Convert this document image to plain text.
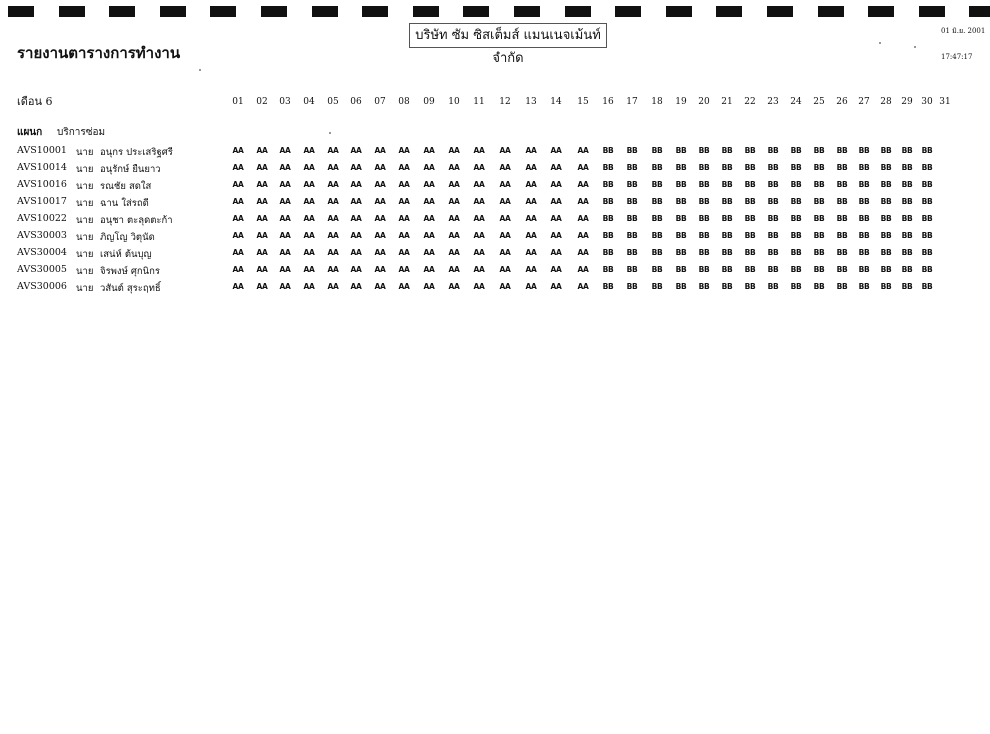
บริษัท ซัม ซิสเต็มส์ แมนเนจเม้นท์ จำกัด
รายงานตารางการทำงาน
01 มิ.ย. 2001
17:47:17
เดือน 6
แผนก บริการซ่อม
01	02	03	04	05	06	07	08	09	10	11	12	13	14	15	16	17	18	19	20	21	22	23	24	25	26	27	28	29 30 31
AVS10001 นาย อนุกร ประเสริฐศรี	AA	AA	AA	AA	AA	AA	AA	AA	AA	AA	AA	AA	AA	AA	AA	BB	BB	BB	BB	BB	BB	BB	BB	BB	BB	BB	BB	BB	BB	BB
AVS10014 นาย อนุรักษ์ ยืนยาว	AA	AA	AA	AA	AA	AA	AA	AA	AA	AA	AA	AA	AA	AA	AA	BB	BB	BB	BB	BB	BB	BB	BB	BB	BB	BB	BB	BB	BB	BB
AVS10016 นาย รณชัย สดใส	AA	AA	AA	AA	AA	AA	AA	AA	AA	AA	AA	AA	AA	AA	AA	BB	BB	BB	BB	BB	BB	BB	BB	BB	BB	BB	BB	BB	BB	BB
AVS10017 นาย ฉาน ใส่รถดี	AA	AA	AA	AA	AA	AA	AA	AA	AA	AA	AA	AA	AA	AA	AA	BB	BB	BB	BB	BB	BB	BB	BB	BB	BB	BB	BB	BB	BB	BB
AVS10022 นาย อนุชา ตะลุดตะก้า	AA	AA	AA	AA	AA	AA	AA	AA	AA	AA	AA	AA	AA	AA	AA	BB	BB	BB	BB	BB	BB	BB	BB	BB	BB	BB	BB	BB	BB	BB
AVS30003 นาย ภิญโญ วิตุนัด	AA	AA	AA	AA	AA	AA	AA	AA	AA	AA	AA	AA	AA	AA	AA	BB	BB	BB	BB	BB	BB	BB	BB	BB	BB	BB	BB	BB	BB	BB
AVS30004 นาย เสน่ห์ ต้นบุญ	AA	AA	AA	AA	AA	AA	AA	AA	AA	AA	AA	AA	AA	AA	AA	BB	BB	BB	BB	BB	BB	BB	BB	BB	BB	BB	BB	BB	BB	BB
AVS30005 นาย จิรพงษ์ ศุกนิกร	AA	AA	AA	AA	AA	AA	AA	AA	AA	AA	AA	AA	AA	AA	AA	BB	BB	BB	BB	BB	BB	BB	BB	BB	BB	BB	BB	BB	BB	BB
AVS30006 นาย วสันต์ สุระฤทธิ์	AA	AA	AA	AA	AA	AA	AA	AA	AA	AA	AA	AA	AA	AA	AA	BB	BB	BB	BB	BB	BB	BB	BB	BB	BB	BB	BB	BB	BB	BB
